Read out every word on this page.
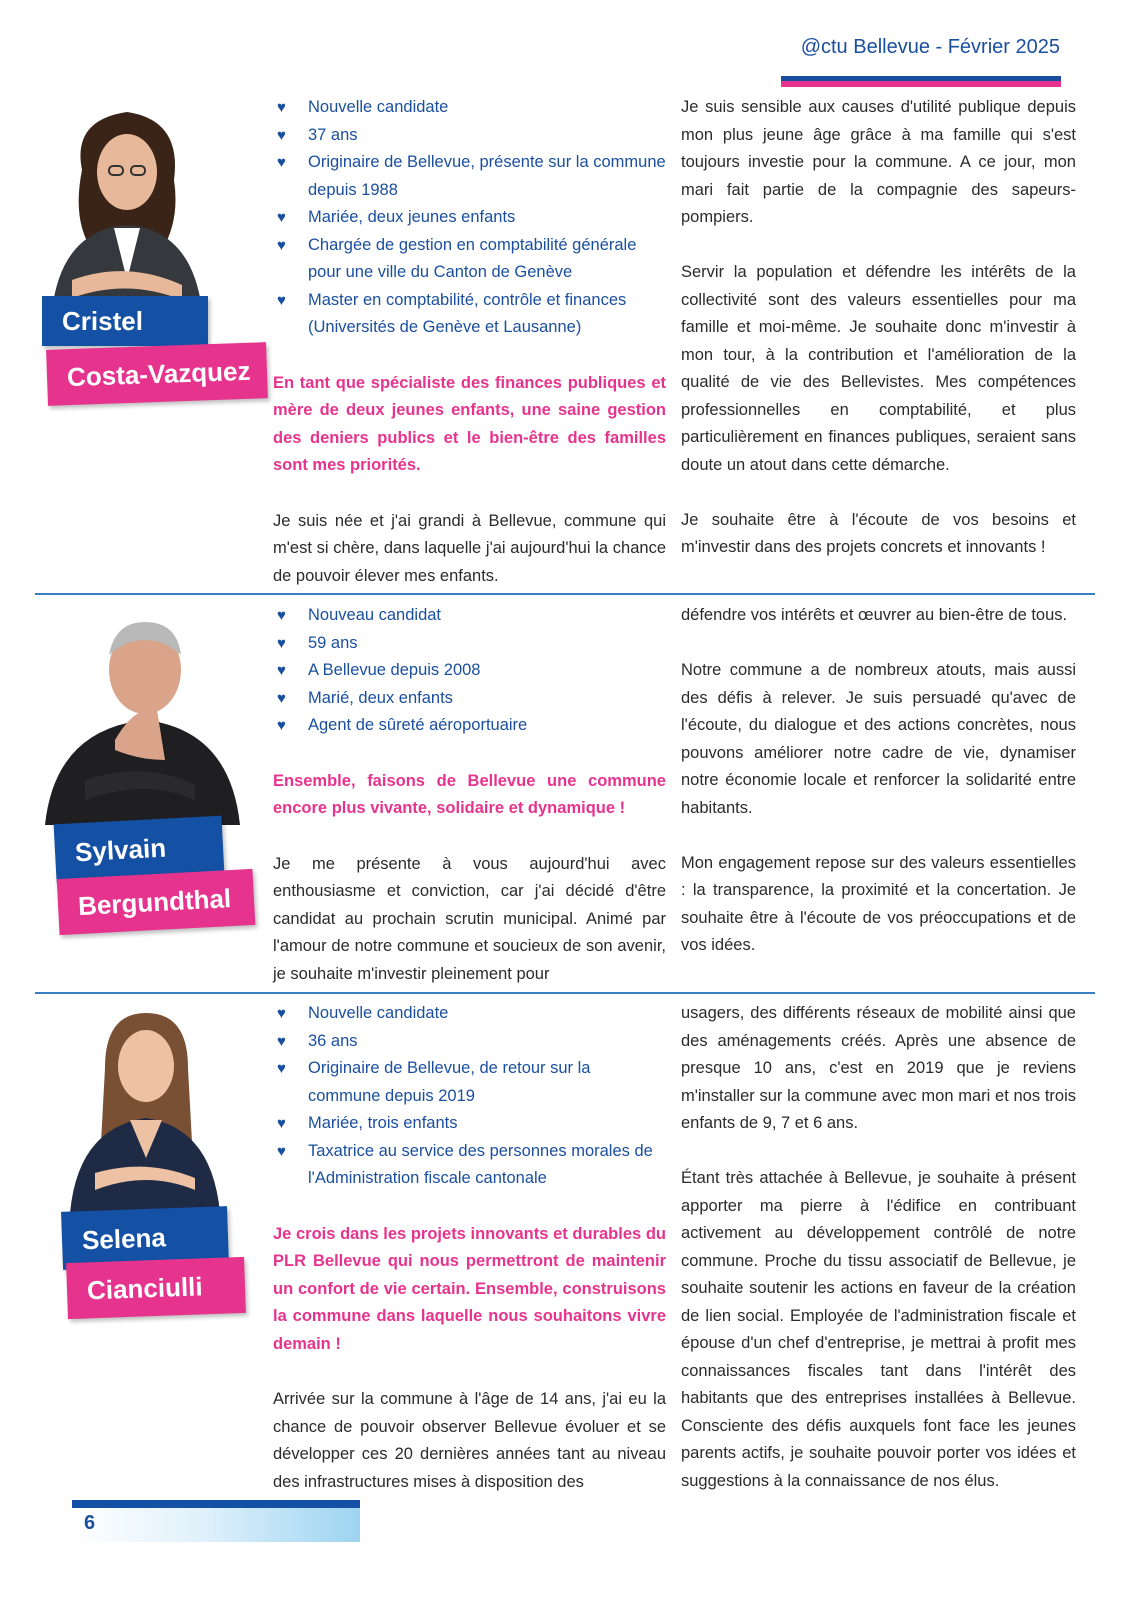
@ctu Bellevue - Février 2025
Cristel
Costa-Vazquez
♥ Nouvelle candidate
♥ 37 ans
♥ Originaire de Bellevue, présente sur la commune depuis 1988
♥ Mariée, deux jeunes enfants
♥ Chargée de gestion en comptabilité générale pour une ville du Canton de Genève
♥ Master en comptabilité, contrôle et finances (Universités de Genève et Lausanne)

En tant que spécialiste des finances publiques et mère de deux jeunes enfants, une saine gestion des deniers publics et le bien-être des familles sont mes priorités.

Je suis née et j'ai grandi à Bellevue, commune qui m'est si chère, dans laquelle j'ai aujourd'hui la chance de pouvoir élever mes enfants.

Je suis sensible aux causes d'utilité publique depuis mon plus jeune âge grâce à ma famille qui s'est toujours investie pour la commune. A ce jour, mon mari fait partie de la compagnie des sapeurs-pompiers.

Servir la population et défendre les intérêts de la collectivité sont des valeurs essentielles pour ma famille et moi-même. Je souhaite donc m'investir à mon tour, à la contribution et l'amélioration de la qualité de vie des Bellevistes. Mes compétences professionnelles en comptabilité, et plus particulièrement en finances publiques, seraient sans doute un atout dans cette démarche.

Je souhaite être à l'écoute de vos besoins et m'investir dans des projets concrets et innovants !

Sylvain
Bergundthal
♥ Nouveau candidat
♥ 59 ans
♥ A Bellevue depuis 2008
♥ Marié, deux enfants
♥ Agent de sûreté aéroportuaire

Ensemble, faisons de Bellevue une commune encore plus vivante, solidaire et dynamique !

Je me présente à vous aujourd'hui avec enthousiasme et conviction, car j'ai décidé d'être candidat au prochain scrutin municipal. Animé par l'amour de notre commune et soucieux de son avenir, je souhaite m'investir pleinement pour

défendre vos intérêts et œuvrer au bien-être de tous.

Notre commune a de nombreux atouts, mais aussi des défis à relever. Je suis persuadé qu'avec de l'écoute, du dialogue et des actions concrètes, nous pouvons améliorer notre cadre de vie, dynamiser notre économie locale et renforcer la solidarité entre habitants.

Mon engagement repose sur des valeurs essentielles : la transparence, la proximité et la concertation. Je souhaite être à l'écoute de vos préoccupations et de vos idées.

Selena
Cianciulli
♥ Nouvelle candidate
♥ 36 ans
♥ Originaire de Bellevue, de retour sur la commune depuis 2019
♥ Mariée, trois enfants
♥ Taxatrice au service des personnes morales de l'Administration fiscale cantonale

Je crois dans les projets innovants et durables du PLR Bellevue qui nous permettront de maintenir un confort de vie certain. Ensemble, construisons la commune dans laquelle nous souhaitons vivre demain !

Arrivée sur la commune à l'âge de 14 ans, j'ai eu la chance de pouvoir observer Bellevue évoluer et se développer ces 20 dernières années tant au niveau des infrastructures mises à disposition des

usagers, des différents réseaux de mobilité ainsi que des aménagements créés. Après une absence de presque 10 ans, c'est en 2019 que je reviens m'installer sur la commune avec mon mari et nos trois enfants de 9, 7 et 6 ans.

Étant très attachée à Bellevue, je souhaite à présent apporter ma pierre à l'édifice en contribuant activement au développement contrôlé de notre commune. Proche du tissu associatif de Bellevue, je souhaite soutenir les actions en faveur de la création de lien social. Employée de l'administration fiscale et épouse d'un chef d'entreprise, je mettrai à profit mes connaissances fiscales tant dans l'intérêt des habitants que des entreprises installées à Bellevue. Consciente des défis auxquels font face les jeunes parents actifs, je souhaite pouvoir porter vos idées et suggestions à la connaissance de nos élus.

6
